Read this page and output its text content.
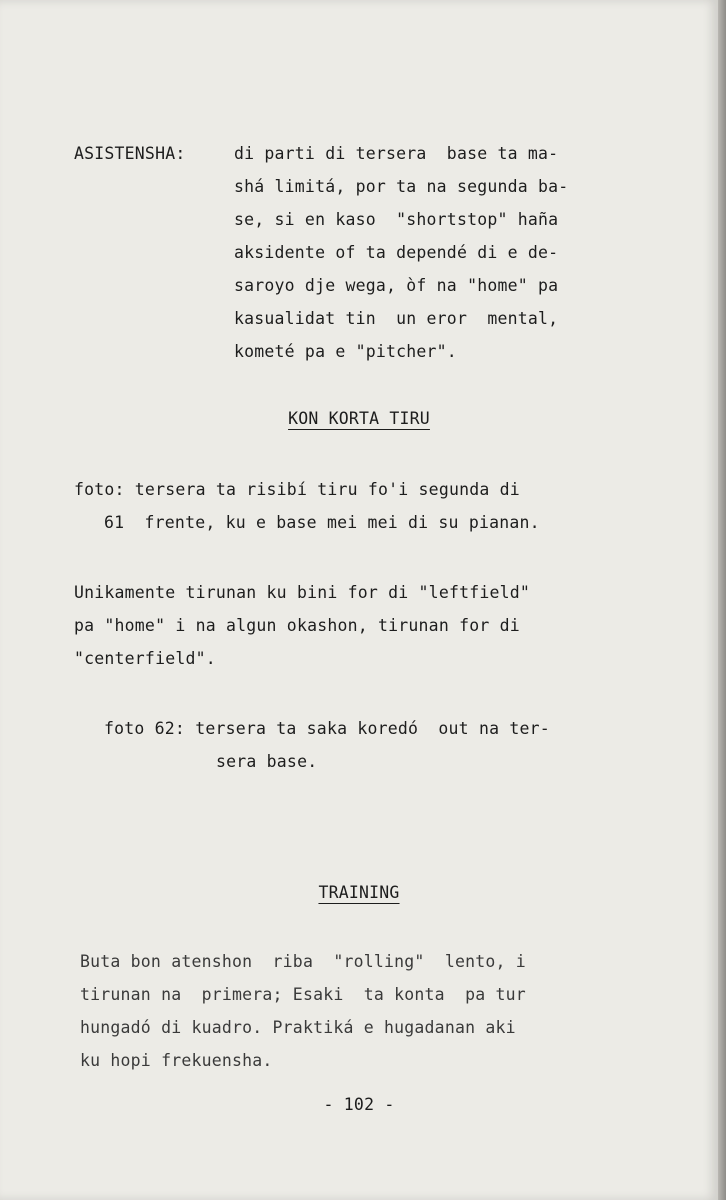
ASISTENSHA:	di parti di tersera  base ta ma-
shá limitá, por ta na segunda ba-
se, si en kaso  "shortstop" haña
aksidente of ta dependé di e de-
saroyo dje wega, òf na "home" pa
kasualidat tin  un eror  mental,
kometé pa e "pitcher".
KON KORTA TIRU
foto: tersera ta risibí tiru fo'i segunda di
61  frente, ku e base mei mei di su pianan.
Unikamente tirunan ku bini for di "leftfield"
pa "home" i na algun okashon, tirunan for di
"centerfield".
foto 62: tersera ta saka koredó  out na ter-
sera base.
TRAINING
Buta bon atenshon  riba  "rolling"  lento, i
tirunan na  primera; Esaki  ta konta  pa tur
hungadó di kuadro. Praktiká e hugadanan aki
ku hopi frekuensha.
- 102 -
